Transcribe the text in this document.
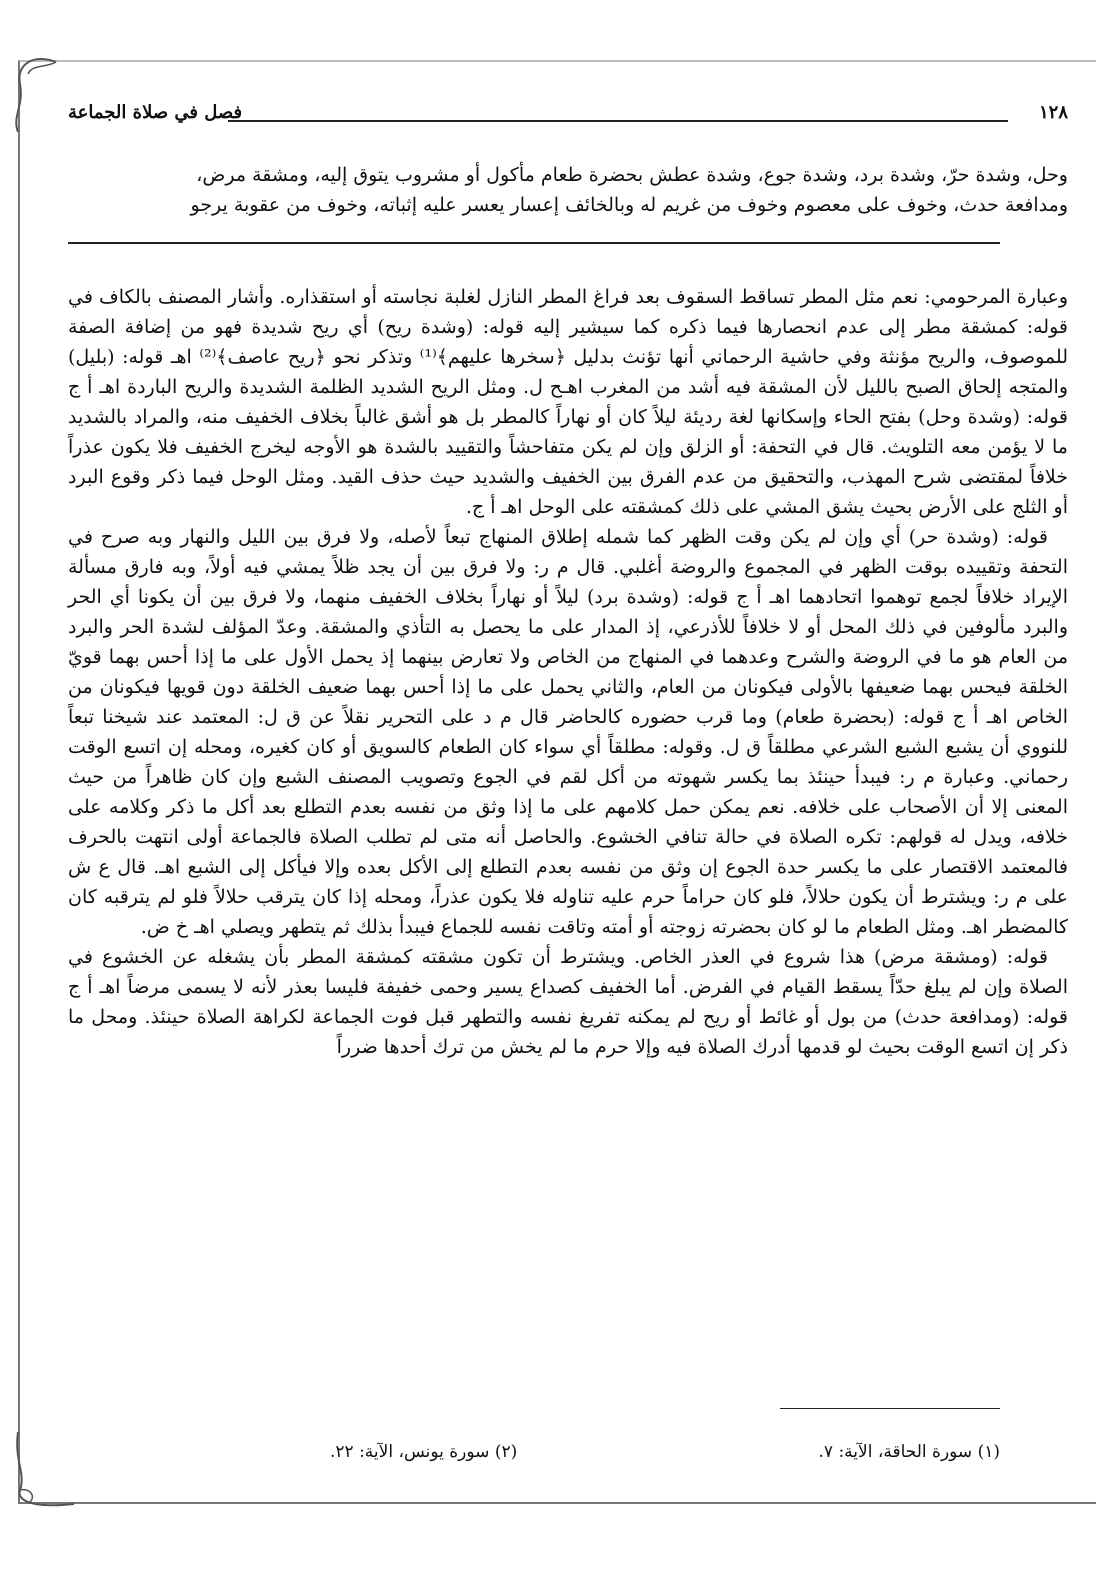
١٢٨
فصل في صلاة الجماعة

وحل، وشدة حرّ، وشدة برد، وشدة جوع، وشدة عطش بحضرة طعام مأكول أو مشروب يتوق إليه، ومشقة مرض،

ومدافعة حدث، وخوف على معصوم وخوف من غريم له وبالخائف إعسار يعسر عليه إثباته، وخوف من عقوبة يرجو

وعبارة المرحومي: نعم مثل المطر تساقط السقوف بعد فراغ المطر النازل لغلبة نجاسته أو استقذاره. وأشار المصنف بالكاف في قوله: كمشقة مطر إلى عدم انحصارها فيما ذكره كما سيشير إليه قوله: (وشدة ريح) أي ريح شديدة فهو من إضافة الصفة للموصوف، والريح مؤنثة وفي حاشية الرحماني أنها تؤنث بدليل ﴿سخرها عليهم﴾⁽¹⁾ وتذكر نحو ﴿ريح عاصف﴾⁽²⁾ اهـ قوله: (بليل) والمتجه إلحاق الصبح بالليل لأن المشقة فيه أشد من المغرب اهـح ل. ومثل الريح الشديد الظلمة الشديدة والريح الباردة اهـ أ ج قوله: (وشدة وحل) بفتح الحاء وإسكانها لغة رديئة ليلاً كان أو نهاراً كالمطر بل هو أشق غالباً بخلاف الخفيف منه، والمراد بالشديد ما لا يؤمن معه التلويث. قال في التحفة: أو الزلق وإن لم يكن متفاحشاً والتقييد بالشدة هو الأوجه ليخرج الخفيف فلا يكون عذراً خلافاً لمقتضى شرح المهذب، والتحقيق من عدم الفرق بين الخفيف والشديد حيث حذف القيد. ومثل الوحل فيما ذكر وقوع البرد أو الثلج على الأرض بحيث يشق المشي على ذلك كمشقته على الوحل اهـ أ ج.

قوله: (وشدة حر) أي وإن لم يكن وقت الظهر كما شمله إطلاق المنهاج تبعاً لأصله، ولا فرق بين الليل والنهار وبه صرح في التحفة وتقييده بوقت الظهر في المجموع والروضة أغلبي. قال م ر: ولا فرق بين أن يجد ظلاً يمشي فيه أولاً، وبه فارق مسألة الإيراد خلافاً لجمع توهموا اتحادهما اهـ أ ج قوله: (وشدة برد) ليلاً أو نهاراً بخلاف الخفيف منهما، ولا فرق بين أن يكونا أي الحر والبرد مألوفين في ذلك المحل أو لا خلافاً للأذرعي، إذ المدار على ما يحصل به التأذي والمشقة. وعدّ المؤلف لشدة الحر والبرد من العام هو ما في الروضة والشرح وعدهما في المنهاج من الخاص ولا تعارض بينهما إذ يحمل الأول على ما إذا أحس بهما قويّ الخلقة فيحس بهما ضعيفها بالأولى فيكونان من العام، والثاني يحمل على ما إذا أحس بهما ضعيف الخلقة دون قويها فيكونان من الخاص اهـ أ ج قوله: (بحضرة طعام) وما قرب حضوره كالحاضر قال م د على التحرير نقلاً عن ق ل: المعتمد عند شيخنا تبعاً للنووي أن يشبع الشبع الشرعي مطلقاً ق ل. وقوله: مطلقاً أي سواء كان الطعام كالسويق أو كان كغيره، ومحله إن اتسع الوقت رحماني. وعبارة م ر: فيبدأ حينئذ بما يكسر شهوته من أكل لقم في الجوع وتصويب المصنف الشبع وإن كان ظاهراً من حيث المعنى إلا أن الأصحاب على خلافه. نعم يمكن حمل كلامهم على ما إذا وثق من نفسه بعدم التطلع بعد أكل ما ذكر وكلامه على خلافه، ويدل له قولهم: تكره الصلاة في حالة تنافي الخشوع. والحاصل أنه متى لم تطلب الصلاة فالجماعة أولى انتهت بالحرف فالمعتمد الاقتصار على ما يكسر حدة الجوع إن وثق من نفسه بعدم التطلع إلى الأكل بعده وإلا فيأكل إلى الشبع اهـ. قال ع ش على م ر: ويشترط أن يكون حلالاً، فلو كان حراماً حرم عليه تناوله فلا يكون عذراً، ومحله إذا كان يترقب حلالاً فلو لم يترقبه كان كالمضطر اهـ. ومثل الطعام ما لو كان بحضرته زوجته أو أمته وتاقت نفسه للجماع فيبدأ بذلك ثم يتطهر ويصلي اهـ خ ض.

قوله: (ومشقة مرض) هذا شروع في العذر الخاص. ويشترط أن تكون مشقته كمشقة المطر بأن يشغله عن الخشوع في الصلاة وإن لم يبلغ حدّاً يسقط القيام في الفرض. أما الخفيف كصداع يسير وحمى خفيفة فليسا بعذر لأنه لا يسمى مرضاً اهـ أ ج قوله: (ومدافعة حدث) من بول أو غائط أو ريح لم يمكنه تفريغ نفسه والتطهر قبل فوت الجماعة لكراهة الصلاة حينئذ. ومحل ما ذكر إن اتسع الوقت بحيث لو قدمها أدرك الصلاة فيه وإلا حرم ما لم يخش من ترك أحدها ضرراً

(١) سورة الحاقة، الآية: ٧.
(٢) سورة يونس، الآية: ٢٢.
